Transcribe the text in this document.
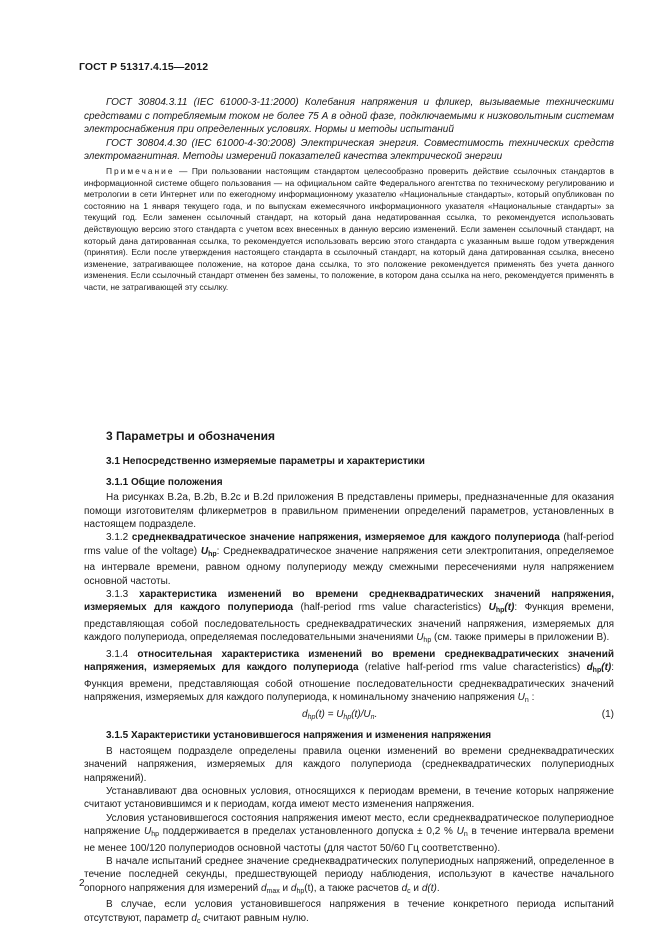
ГОСТ Р 51317.4.15—2012

ГОСТ 30804.3.11 (IEC 61000-3-11:2000) Колебания напряжения и фликер, вызываемые техническими средствами с потребляемым током не более 75 А в одной фазе, подключаемыми к низковольтным системам электроснабжения при определенных условиях. Нормы и методы испытаний

ГОСТ 30804.4.30 (IEC 61000-4-30:2008) Электрическая энергия. Совместимость технических средств электромагнитная. Методы измерений показателей качества электрической энергии

Примечание — При пользовании настоящим стандартом целесообразно проверить действие ссылочных стандартов в информационной системе общего пользования — на официальном сайте Федерального агентства по техническому регулированию и метрологии в сети Интернет или по ежегодному информационному указателю «Национальные стандарты», который опубликован по состоянию на 1 января текущего года, и по выпускам ежемесячного информационного указателя «Национальные стандарты» за текущий год. Если заменен ссылочный стандарт, на который дана недатированная ссылка, то рекомендуется использовать действующую версию этого стандарта с учетом всех внесенных в данную версию изменений. Если заменен ссылочный стандарт, на который дана датированная ссылка, то рекомендуется использовать версию этого стандарта с указанным выше годом утверждения (принятия). Если после утверждения настоящего стандарта в ссылочный стандарт, на который дана датированная ссылка, внесено изменение, затрагивающее положение, на которое дана ссылка, то это положение рекомендуется применять без учета данного изменения. Если ссылочный стандарт отменен без замены, то положение, в котором дана ссылка на него, рекомендуется применять в части, не затрагивающей эту ссылку.

3 Параметры и обозначения

3.1 Непосредственно измеряемые параметры и характеристики

3.1.1 Общие положения

На рисунках B.2a, B.2b, B.2c и B.2d приложения B представлены примеры, предназначенные для оказания помощи изготовителям фликерметров в правильном применении определений параметров, установленных в настоящем подразделе.

3.1.2 среднеквадратическое значение напряжения, измеряемое для каждого полупериода (half-period rms value of the voltage) $U_{hp}$: Среднеквадратическое значение напряжения сети электропитания, определяемое на интервале времени, равном одному полупериоду между смежными пересечениями нуля напряжением основной частоты.

3.1.3 характеристика изменений во времени среднеквадратических значений напряжения, измеряемых для каждого полупериода (half-period rms value characteristics) $U_{hp}(t)$: Функция времени, представляющая собой последовательность среднеквадратических значений напряжения, измеряемых для каждого полупериода, определяемая последовательными значениями $U_{hp}$ (см. также примеры в приложении B).

3.1.4 относительная характеристика изменений во времени среднеквадратических значений напряжения, измеряемых для каждого полупериода (relative half-period rms value characteristics) $d_{hp}(t)$: Функция времени, представляющая собой отношение последовательности среднеквадратических значений напряжения, измеряемых для каждого полупериода, к номинальному значению напряжения $U_n$ :

$d_{hp}(t) = U_{hp}(t)/U_n$.	(1)

3.1.5 Характеристики установившегося напряжения и изменения напряжения

В настоящем подразделе определены правила оценки изменений во времени среднеквадратических значений напряжения, измеряемых для каждого полупериода (среднеквадратических полупериодных напряжений).

Устанавливают два основных условия, относящихся к периодам времени, в течение которых напряжение считают установившимся и к периодам, когда имеют место изменения напряжения.

Условия установившегося состояния напряжения имеют место, если среднеквадратическое полупериодное напряжение $U_{hp}$ поддерживается в пределах установленного допуска ± 0,2 % $U_n$ в течение интервала времени не менее 100/120 полупериодов основной частоты (для частот 50/60 Гц соответственно).

В начале испытаний среднее значение среднеквадратических полупериодных напряжений, определенное в течение последней секунды, предшествующей периоду наблюдения, используют в качестве начального опорного напряжения для измерений $d_{max}$ и $d_{hp}(t)$, а также расчетов $d_c$ и d(t).

В случае, если условия установившегося напряжения в течение конкретного периода испытаний отсутствуют, параметр $d_c$ считают равным нулю.

2
